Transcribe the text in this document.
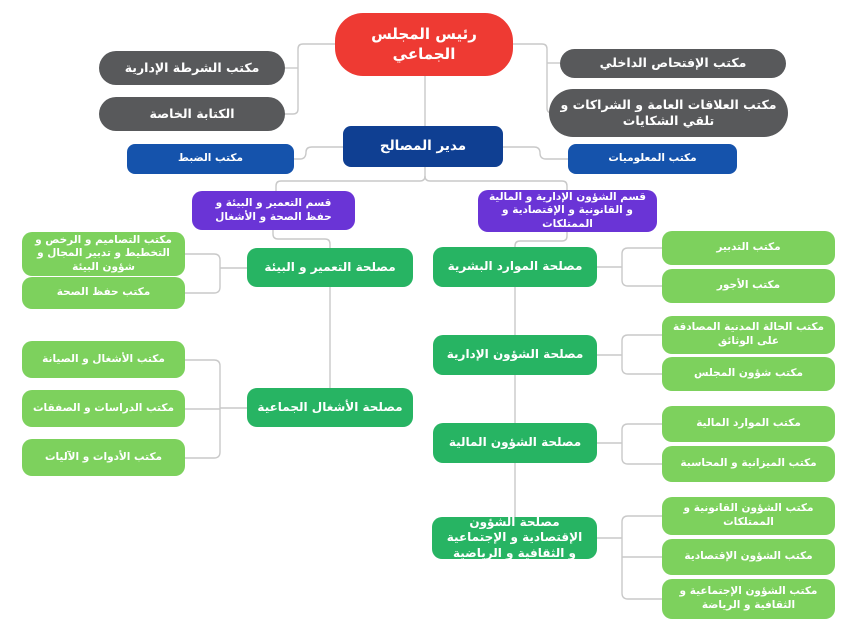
رئيس المجلس الجماعي
مكتب الشرطة الإدارية
الكتابة الخاصة
مكتب الإفتحاص الداخلي
مكتب العلاقات العامة و الشراكات و تلقي الشكايات
مدير المصالح
مكتب الضبط	مكتب المعلوميات
قسم التعمير و البيئة و حفظ الصحة و الأشغال
قسم الشؤون الإدارية و المالية و القانونية و الإقتصادية و الممتلكات
مصلحة التعمير و البيئة
مكتب التصاميم و الرخص و التخطيط و تدبير المجال و شؤون البيئة
مكتب حفظ الصحة
مصلحة الأشغال الجماعية
مكتب الأشغال و الصيانة
مكتب الدراسات و الصفقات
مكتب الأدوات و الآليات
مصلحة الموارد البشرية
مكتب التدبير
مكتب الأجور
مصلحة الشؤون الإدارية
مكتب الحالة المدنية المصادقة على الوثائق
مكتب شؤون المجلس
مصلحة الشؤون المالية
مكتب الموارد المالية
مكتب الميزانية و المحاسبة
مصلحة الشؤون الإقتصادية و الإجتماعية و الثقافية و الرياضية
مكتب الشؤون القانونية و الممتلكات
مكتب الشؤون الإقتصادية
مكتب الشؤون الإجتماعية و الثقافية و الرياضة
